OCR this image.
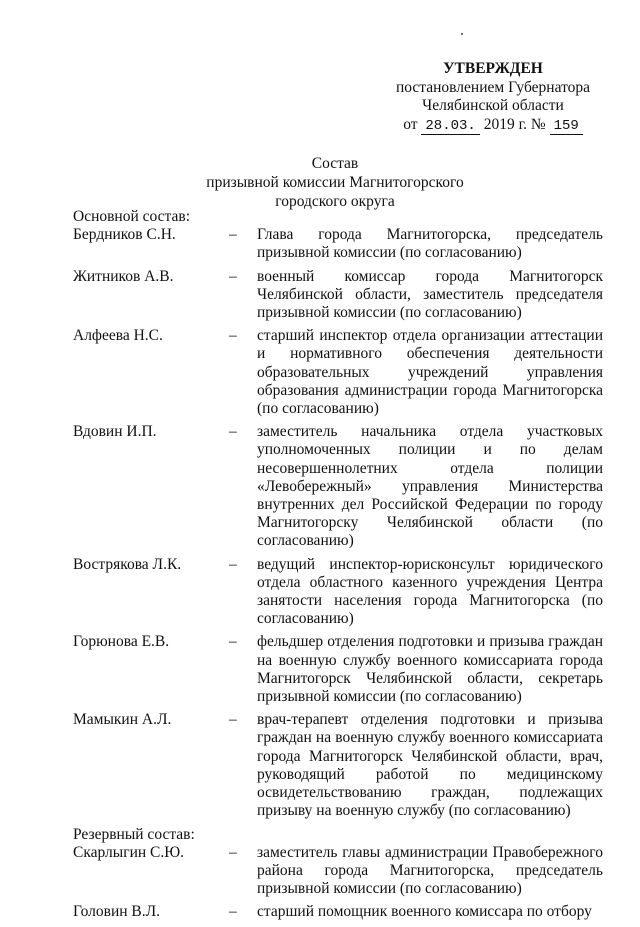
УТВЕРЖДЕН
постановлением Губернатора
Челябинской области
от 28.03. 2019 г. № 159
Состав
призывной комиссии Магнитогорского
городского округа
Основной состав:
Бердников С.Н.	–	Глава города Магнитогорска, председатель призывной комиссии (по согласованию)
Житников А.В.	–	военный комиссар города Магнитогорск Челябинской области, заместитель председателя призывной комиссии (по согласованию)
Алфеева Н.С.	–	старший инспектор отдела организации аттестации и нормативного обеспечения деятельности образовательных учреждений управления образования администрации города Магнитогорска (по согласованию)
Вдовин И.П.	–	заместитель начальника отдела участковых уполномоченных полиции и по делам несовершеннолетних отдела полиции «Левобережный» управления Министерства внутренних дел Российской Федерации по городу Магнитогорску Челябинской области (по согласованию)
Вострякова Л.К.	–	ведущий инспектор-юрисконсульт юридического отдела областного казенного учреждения Центра занятости населения города Магнитогорска (по согласованию)
Горюнова Е.В.	–	фельдшер отделения подготовки и призыва граждан на военную службу военного комиссариата города Магнитогорск Челябинской области, секретарь призывной комиссии (по согласованию)
Мамыкин А.Л.	–	врач-терапевт отделения подготовки и призыва граждан на военную службу военного комиссариата города Магнитогорск Челябинской области, врач, руководящий работой по медицинскому освидетельствованию граждан, подлежащих призыву на военную службу (по согласованию)
Резервный состав:
Скарлыгин С.Ю.	–	заместитель главы администрации Правобережного района города Магнитогорска, председатель призывной комиссии (по согласованию)
Головин В.Л.	–	старший помощник военного комиссара по отбору
